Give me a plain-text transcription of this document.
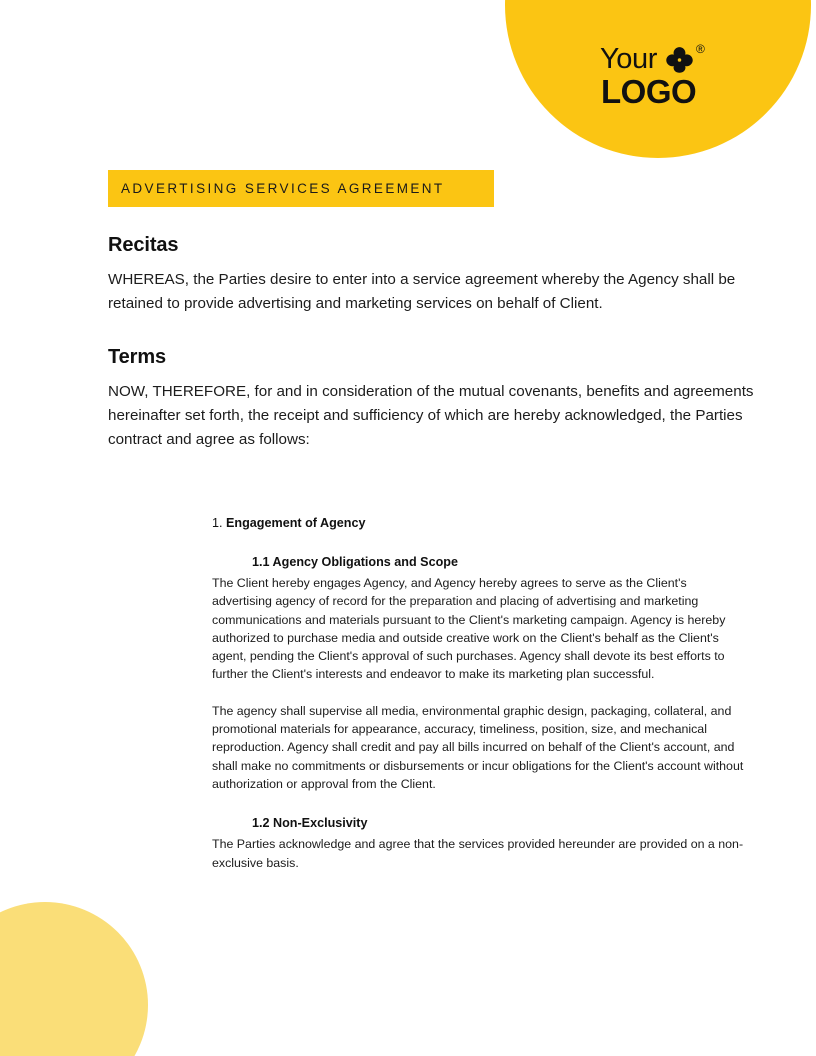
Your	®
LOGO
ADVERTISING SERVICES AGREEMENT
Recitas

WHEREAS, the Parties desire to enter into a service agreement whereby the Agency shall be retained to provide advertising and marketing services on behalf of Client.

Terms

NOW, THEREFORE, for and in consideration of the mutual covenants, benefits and agreements hereinafter set forth, the receipt and sufficiency of which are hereby acknowledged, the Parties contract and agree as follows:

1. Engagement of Agency

1.1 Agency Obligations and Scope

The Client hereby engages Agency, and Agency hereby agrees to serve as the Client's advertising agency of record for the preparation and placing of advertising and marketing communications and materials pursuant to the Client's marketing campaign. Agency is hereby authorized to purchase media and outside creative work on the Client's behalf as the Client's agent, pending the Client's approval of such purchases. Agency shall devote its best efforts to further the Client's interests and endeavor to make its marketing plan successful.

The agency shall supervise all media, environmental graphic design, packaging, collateral, and promotional materials for appearance, accuracy, timeliness, position, size, and mechanical reproduction. Agency shall credit and pay all bills incurred on behalf of the Client's account, and shall make no commitments or disbursements or incur obligations for the Client's account without authorization or approval from the Client.

1.2 Non-Exclusivity

The Parties acknowledge and agree that the services provided hereunder are provided on a non-exclusive basis.
